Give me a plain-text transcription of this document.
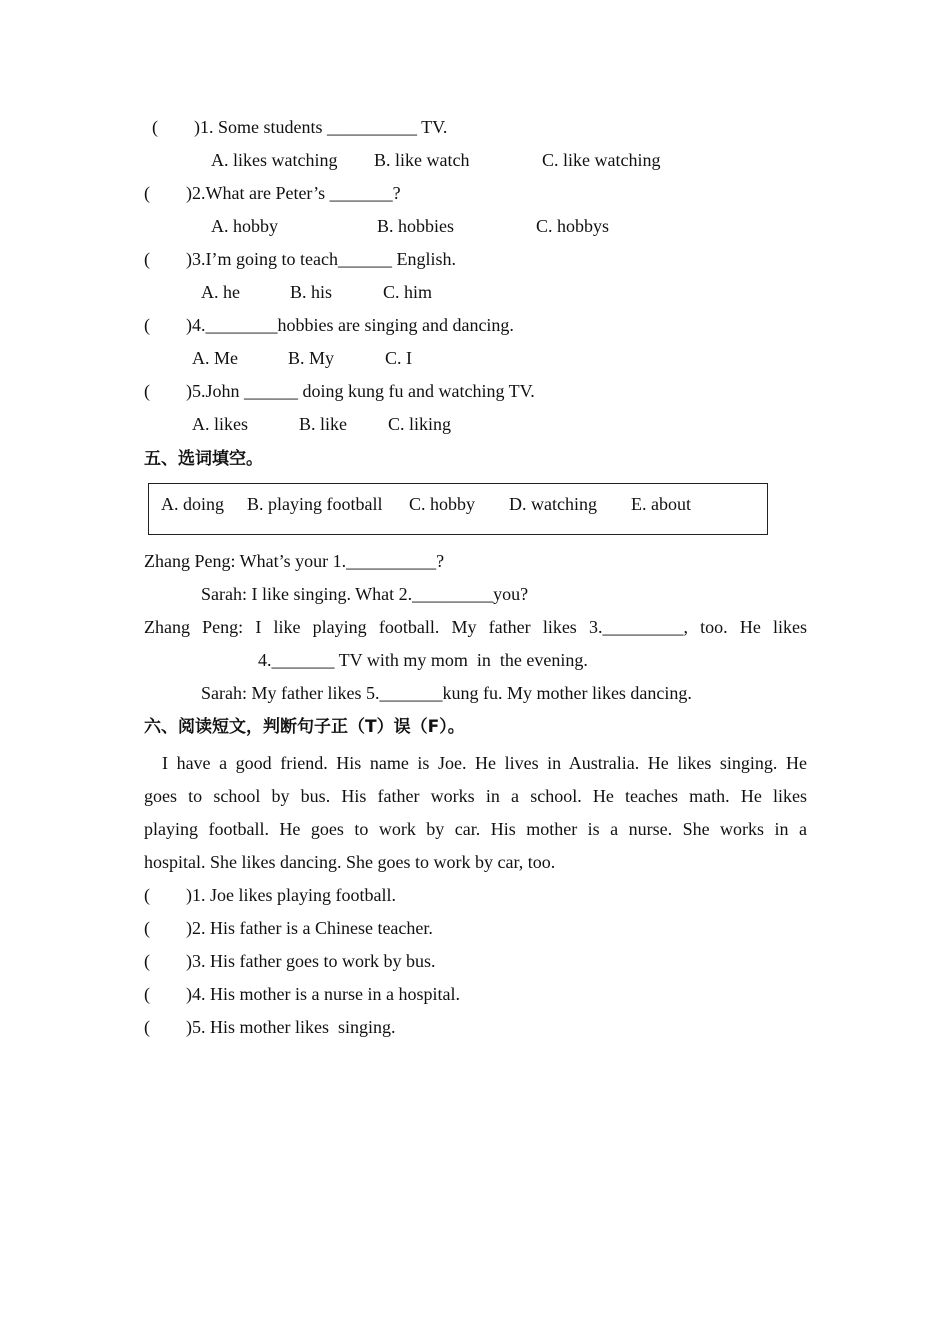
(        )1. Some students __________ TV.
A. likes watching B. like watch	C. like watching
(        )2.What are Peter’s _______?
A. hobby	B. hobbies	C. hobbys
(        )3.I’m going to teach______ English.
A. he	B. his	C. him
(        )4.________hobbies are singing and dancing.
A. Me	B. My	C. I
(        )5.John ______ doing kung fu and watching TV.
A. likes	B. like C. liking
五、选词填空。
A. doing B. playing football C. hobby D. watching E. about
Zhang Peng: What’s your 1.__________?
Sarah: I like singing. What 2._________you?
Zhang Peng: I like playing football. My father likes 3._________, too. He likes
4._______ TV with my mom  in  the evening.
Sarah: My father likes 5._______kung fu. My mother likes dancing.
六、阅读短文，判断句子正（T）误（F）。
I have a good friend. His name is Joe. He lives in Australia. He likes singing. He
goes to school by bus. His father works in a school. He teaches math. He likes
playing football. He goes to work by car. His mother is a nurse. She works in a
hospital. She likes dancing. She goes to work by car, too.
(        )1. Joe likes playing football.
(        )2. His father is a Chinese teacher.
(        )3. His father goes to work by bus.
(        )4. His mother is a nurse in a hospital.
(        )5. His mother likes  singing.
